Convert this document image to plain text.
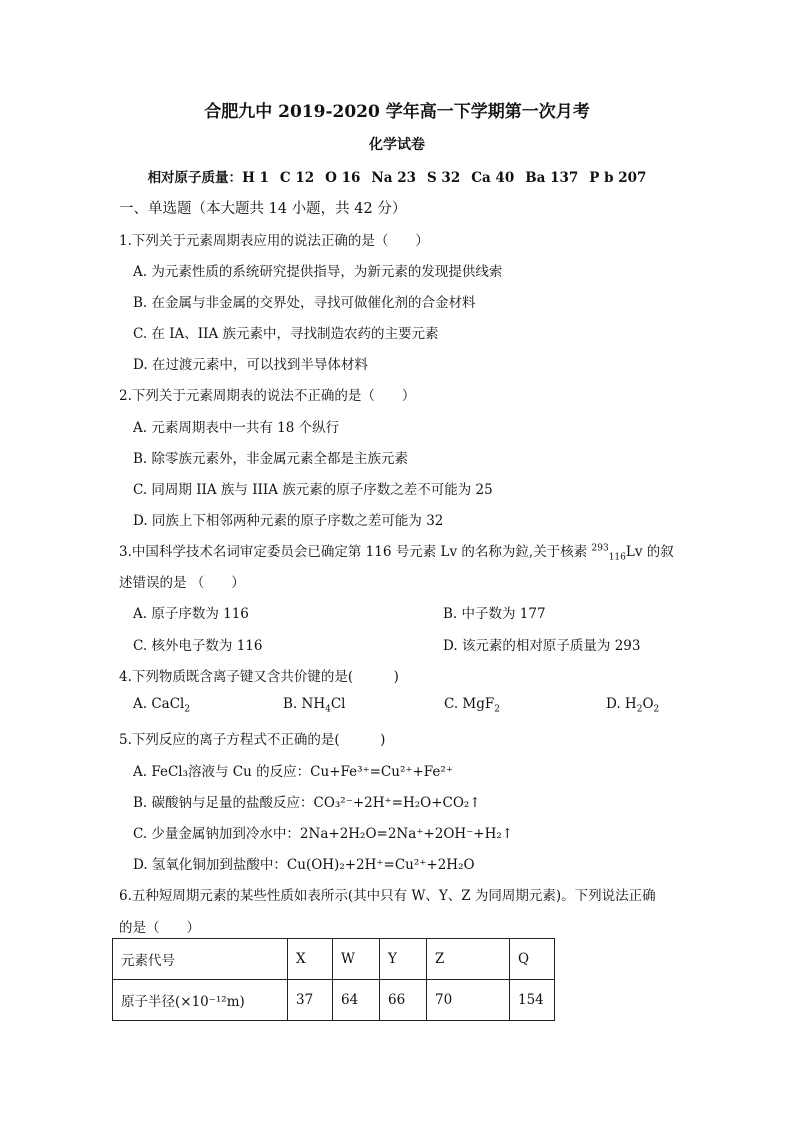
合肥九中 2019-2020 学年高一下学期第一次月考
化学试卷
相对原子质量：H 1 C 12 O 16 Na 23 S 32 Ca 40 Ba 137 P b 207
一、单选题（本大题共 14 小题，共 42 分）
1.下列关于元素周期表应用的说法正确的是（　　）
A. 为元素性质的系统研究提供指导，为新元素的发现提供线索
B. 在金属与非金属的交界处，寻找可做催化剂的合金材料
C. 在 IA、IIA 族元素中，寻找制造农药的主要元素
D. 在过渡元素中，可以找到半导体材料
2.下列关于元素周期表的说法不正确的是（　　）
A. 元素周期表中一共有 18 个纵行
B. 除零族元素外，非金属元素全都是主族元素
C. 同周期 IIA 族与 IIIA 族元素的原子序数之差不可能为 25
D. 同族上下相邻两种元素的原子序数之差可能为 32
3.中国科学技术名词审定委员会已确定第 116 号元素 Lv 的名称为鉝,关于核素 $^{293}_{116}$Lv 的叙
述错误的是 （　　）
A. 原子序数为 116	B. 中子数为 177
C. 核外电子数为 116	D. 该元素的相对原子质量为 293
4.下列物质既含离子键又含共价键的是(　　　)
A. CaCl$_2$	B. $NH_4Cl$	C. MgF$_2$	D. $H_2O_2$
5.下列反应的离子方程式不正确的是(　　　)
A. FeCl₃溶液与 Cu 的反应：Cu+Fe³⁺=Cu²⁺+Fe²⁺
B. 碳酸钠与足量的盐酸反应：CO₃²⁻+2H⁺=H₂O+CO₂↑
C. 少量金属钠加到冷水中：2Na+2H₂O=2Na⁺+2OH⁻+H₂↑
D. 氢氧化铜加到盐酸中：Cu(OH)₂+2H⁺=Cu²⁺+2H₂O
6.五种短周期元素的某些性质如表所示(其中只有 W、Y、Z 为同周期元素)。下列说法正确
的是（　　）
元素代号	X	W	Y	Z	Q
原子半径(×10⁻¹²m)	37	64	66	70	154
